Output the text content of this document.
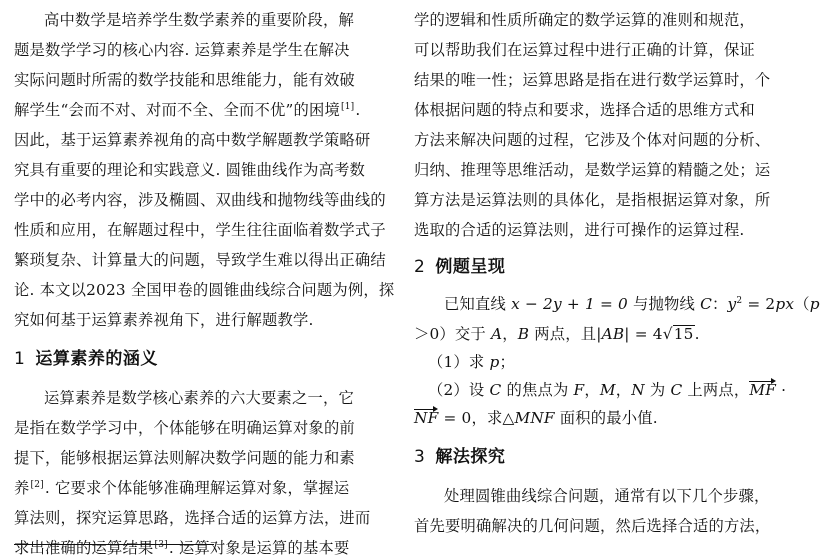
高中数学是培养学生数学素养的重要阶段，解
题是数学学习的核心内容. 运算素养是学生在解决
实际问题时所需的数学技能和思维能力，能有效破
解学生“会而不对、对而不全、全而不优”的困境[1].
因此，基于运算素养视角的高中数学解题教学策略研
究具有重要的理论和实践意义. 圆锥曲线作为高考数
学中的必考内容，涉及椭圆、双曲线和抛物线等曲线的
性质和应用，在解题过程中，学生往往面临着数学式子
繁琐复杂、计算量大的问题，导致学生难以得出正确结
论. 本文以2023 全国甲卷的圆锥曲线综合问题为例，探
究如何基于运算素养视角下，进行解题教学.
1 运算素养的涵义
运算素养是数学核心素养的六大要素之一，它
是指在数学学习中，个体能够在明确运算对象的前
提下，能够根据运算法则解决数学问题的能力和素
养[2]. 它要求个体能够准确理解运算对象，掌握运
算法则，探究运算思路，选择合适的运算方法，进而
求出准确的运算结果[3]. 运算对象是运算的基本要
学的逻辑和性质所确定的数学运算的准则和规范，
可以帮助我们在运算过程中进行正确的计算，保证
结果的唯一性；运算思路是指在进行数学运算时，个
体根据问题的特点和要求，选择合适的思维方式和
方法来解决问题的过程，它涉及个体对问题的分析、
归纳、推理等思维活动，是数学运算的精髓之处；运
算方法是运算法则的具体化，是指根据运算对象，所
选取的合适的运算法则，进行可操作的运算过程.
2 例题呈现
已知直线 x − 2y + 1 = 0 与抛物线 C：$y^2 = 2px(p$
＞0）交于 A，B 两点，且|AB| = 4√15.
（1）求 p；
（2）设 C 的焦点为 F，M，N 为 C 上两点，MF ·
NF = 0，求△MNF 面积的最小值.
3 解法探究
处理圆锥曲线综合问题，通常有以下几个步骤，
首先要明确解决的几何问题，然后选择合适的方法，
